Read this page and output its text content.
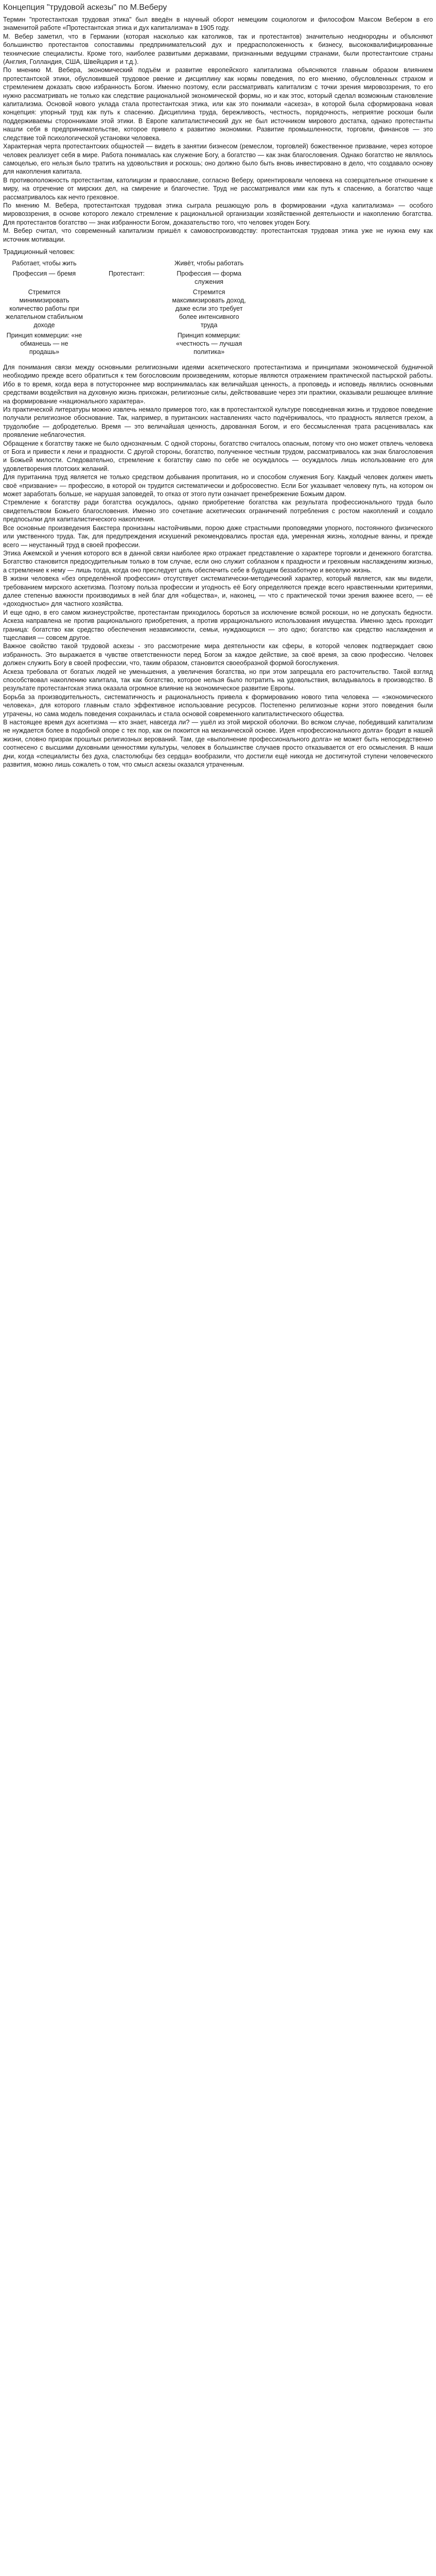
Концепция "трудовой аскезы" по М.Веберу

Термин "протестантская трудовая этика" был введён в научный оборот немецким социологом и философом Максом Вебером в его знаменитой работе «Протестантская этика и дух капитализма» в 1905 году.

М. Вебер заметил, что в Германии (которая насколько как католиков, так и протестантов) значительно неоднородны и объясняют большинство протестантов сопоставимы предпринимательский дух и предрасположенность к бизнесу, высококвалифицированные технические специалисты. Кроме того, наиболее развитыми державами, признанными ведущими странами, были протестантские страны (Англия, Голландия, США, Швейцария и т.д.).

По мнению М. Вебера, экономический подъём и развитие европейского капитализма объясняются главным образом влиянием протестантской этики, обусловившей трудовое рвение и дисциплину как нормы поведения, по его мнению, обусловленных страхом и стремлением доказать свою избранность Богом. Именно поэтому, если рассматривать капитализм с точки зрения мировоззрения, то его нужно рассматривать не только как следствие рациональной экономической формы, но и как этос, который сделал возможным становление капитализма. Основой нового уклада стала протестантская этика, или как это понимали «аскеза», в которой была сформирована новая концепция: упорный труд как путь к спасению. Дисциплина труда, бережливость, честность, порядочность, неприятие роскоши были поддерживаемы сторонниками этой этики. В Европе капиталистический дух не был источником мирового достатка, однако протестанты нашли себя в предпринимательстве, которое привело к развитию экономики. Развитие промышленности, торговли, финансов — это следствие той психологической установки человека.

Характерная черта протестантских общностей — видеть в занятии бизнесом (ремеслом, торговлей) божественное призвание, через которое человек реализует себя в мире. Работа понималась как служение Богу, а богатство — как знак благословения. Однако богатство не являлось самоцелью, его нельзя было тратить на удовольствия и роскошь; оно должно было быть вновь инвестировано в дело, что создавало основу для накопления капитала.

В противоположность протестантам, католицизм и православие, согласно Веберу, ориентировали человека на созерцательное отношение к миру, на отречение от мирских дел, на смирение и благочестие. Труд не рассматривался ими как путь к спасению, а богатство чаще рассматривалось как нечто греховное.

По мнению М. Вебера, протестантская трудовая этика сыграла решающую роль в формировании «духа капитализма» — особого мировоззрения, в основе которого лежало стремление к рациональной организации хозяйственной деятельности и накоплению богатства. Для протестантов богатство — знак избранности Богом, доказательство того, что человек угоден Богу.

М. Вебер считал, что современный капитализм пришёл к самовоспроизводству: протестантская трудовая этика уже не нужна ему как источник мотивации.

Традиционный человек:
Работает, чтобы жить		Живёт, чтобы работать
Профессия — бремя	Протестант:	Профессия — форма служения
Стремится минимизировать количество работы при желательном стабильном доходе		Стремится максимизировать доход, даже если это требует более интенсивного труда
Принцип коммерции: «не обманешь — не продашь»		Принцип коммерции: «честность — лучшая политика»

Для понимания связи между основными религиозными идеями аскетического протестантизма и принципами экономической будничной необходимо прежде всего обратиться к тем богословским произведениям, которые являются отражением практической пастырской работы. Ибо в то время, когда вера в потустороннее мир воспринималась как величайшая ценность, а проповедь и исповедь являлись основными средствами воздействия на духовную жизнь прихожан, религиозные силы, действовавшие через эти практики, оказывали решающее влияние на формирование «национального характера».

Из практической литературы можно извлечь немало примеров того, как в протестантской культуре повседневная жизнь и трудовое поведение получали религиозное обоснование. Так, например, в пуританских наставлениях часто подчёркивалось, что праздность является грехом, а трудолюбие — добродетелью. Время — это величайшая ценность, дарованная Богом, и его бессмысленная трата расценивалась как проявление неблагочестия.

Обращение к богатству также не было однозначным. С одной стороны, богатство считалось опасным, потому что оно может отвлечь человека от Бога и привести к лени и праздности. С другой стороны, богатство, полученное честным трудом, рассматривалось как знак благословения и Божьей милости. Следовательно, стремление к богатству само по себе не осуждалось — осуждалось лишь использование его для удовлетворения плотских желаний.

Для пуританина труд является не только средством добывания пропитания, но и способом служения Богу. Каждый человек должен иметь своё «призвание» — профессию, в которой он трудится систематически и добросовестно. Если Бог указывает человеку путь, на котором он может заработать больше, не нарушая заповедей, то отказ от этого пути означает пренебрежение Божьим даром.

Стремление к богатству ради богатства осуждалось, однако приобретение богатства как результата профессионального труда было свидетельством Божьего благословения. Именно это сочетание аскетических ограничений потребления с ростом накоплений и создало предпосылки для капиталистического накопления.

Все основные произведения Бакстера пронизаны настойчивыми, порою даже страстными проповедями упорного, постоянного физического или умственного труда. Так, для предупреждения искушений рекомендовались простая еда, умеренная жизнь, холодные ванны, и прежде всего — неустанный труд в своей профессии.

Этика Ажемской и учения которого вся в данной связи наиболее ярко отражает представление о характере торговли и денежного богатства. Богатство становится предосудительным только в том случае, если оно служит соблазном к праздности и греховным наслаждениям жизнью, а стремление к нему — лишь тогда, когда оно преследует цель обеспечить себе в будущем беззаботную и веселую жизнь.

В жизни человека «без определённой профессии» отсутствует систематически-методический характер, который является, как мы видели, требованием мирского аскетизма. Поэтому польза профессии и угодность её Богу определяются прежде всего нравственными критериями, далее степенью важности производимых в ней благ для «общества», и, наконец, — что с практической точки зрения важнее всего, — её «доходностью» для частного хозяйства.

И еще одно, в его самом жизнеустройстве, протестантам приходилось бороться за исключение всякой роскоши, но не допускать бедности. Аскеза направлена не против рационального приобретения, а против иррационального использования имущества. Именно здесь проходит граница: богатство как средство обеспечения независимости, семьи, нуждающихся — это одно; богатство как средство наслаждения и тщеславия — совсем другое.

Важное свойство такой трудовой аскезы - это рассмотрение мира деятельности как сферы, в которой человек подтверждает свою избранность. Это выражается в чувстве ответственности перед Богом за каждое действие, за своё время, за свою профессию. Человек должен служить Богу в своей профессии, что, таким образом, становится своеобразной формой богослужения.

Аскеза требовала от богатых людей не уменьшения, а увеличения богатства, но при этом запрещала его расточительство. Такой взгляд способствовал накоплению капитала, так как богатство, которое нельзя было потратить на удовольствия, вкладывалось в производство. В результате протестантская этика оказала огромное влияние на экономическое развитие Европы.

Борьба за производительность, систематичность и рациональность привела к формированию нового типа человека — «экономического человека», для которого главным стало эффективное использование ресурсов. Постепенно религиозные корни этого поведения были утрачены, но сама модель поведения сохранилась и стала основой современного капиталистического общества.

В настоящее время дух аскетизма — кто знает, навсегда ли? — ушёл из этой мирской оболочки. Во всяком случае, победивший капитализм не нуждается более в подобной опоре с тех пор, как он покоится на механической основе. Идея «профессионального долга» бродит в нашей жизни, словно призрак прошлых религиозных верований. Там, где «выполнение профессионального долга» не может быть непосредственно соотнесено с высшими духовными ценностями культуры, человек в большинстве случаев просто отказывается от его осмысления. В наши дни, когда «специалисты без духа, сластолюбцы без сердца» вообразили, что достигли ещё никогда не достигнутой ступени человеческого развития, можно лишь сожалеть о том, что смысл аскезы оказался утраченным.
